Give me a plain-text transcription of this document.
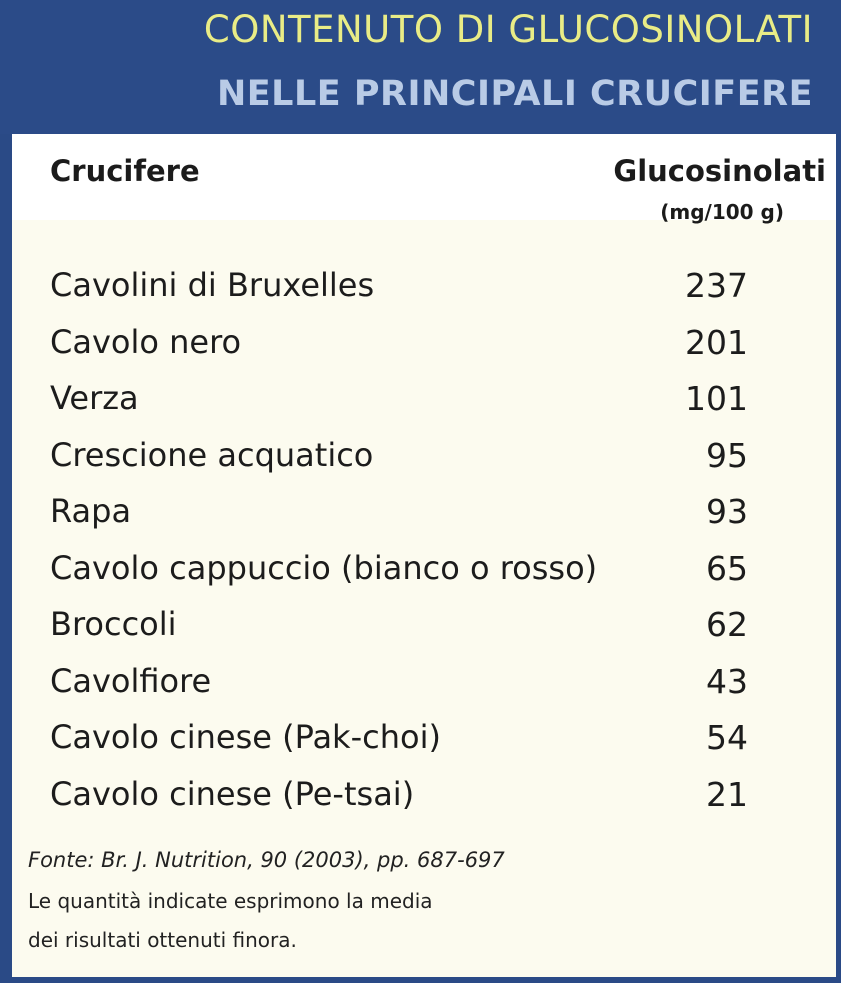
CONTENUTO DI GLUCOSINOLATI
NELLE PRINCIPALI CRUCIFERE
Crucifere	Glucosinolati
(mg/100 g)
Cavolini di Bruxelles	237
Cavolo nero	201
Verza	101
Crescione acquatico	95
Rapa	93
Cavolo cappuccio (bianco o rosso)	65
Broccoli	62
Cavolfiore	43
Cavolo cinese (Pak-choi)	54
Cavolo cinese (Pe-tsai)	21
Fonte: Br. J. Nutrition, 90 (2003), pp. 687-697
Le quantità indicate esprimono la media
dei risultati ottenuti finora.
